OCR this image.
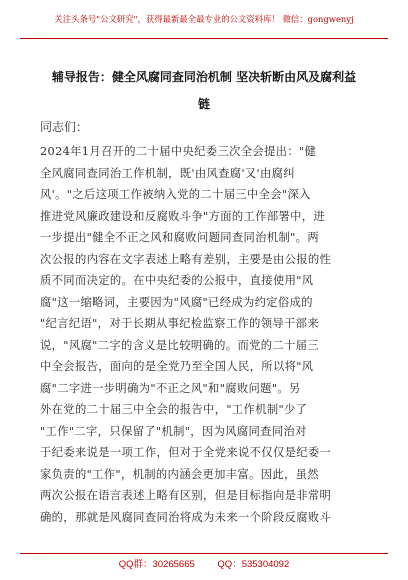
关注头条号"公文研究"，获得最新最全最专业的公文资料库！ 微信：gongwenyj
辅导报告：健全风腐同查同治机制 坚决斩断由风及腐利益
链
同志们：
2024年1月召开的二十届中央纪委三次全会提出："健
全风腐同查同治工作机制，既'由风查腐'又'由腐纠
风'。"之后这项工作被纳入党的二十届三中全会"深入
推进党风廉政建设和反腐败斗争"方面的工作部署中，进
一步提出"健全不正之风和腐败问题同查同治机制"。两
次公报的内容在文字表述上略有差别，主要是由公报的性
质不同而决定的。在中央纪委的公报中，直接使用"风
腐"这一缩略词，主要因为"风腐"已经成为约定俗成的
"纪言纪语"，对于长期从事纪检监察工作的领导干部来
说，"风腐"二字的含义是比较明确的。而党的二十届三
中全会报告，面向的是全党乃至全国人民，所以将"风
腐"二字进一步明确为"不正之风"和"腐败问题"。另
外在党的二十届三中全会的报告中，"工作机制"少了
"工作"二字，只保留了"机制"，因为风腐同查同治对
于纪委来说是一项工作，但对于全党来说不仅仅是纪委一
家负责的"工作"，机制的内涵会更加丰富。因此，虽然
两次公报在语言表述上略有区别，但是目标指向是非常明
确的，那就是风腐同查同治将成为未来一个阶段反腐败斗
QQ群：30265665 QQ：535304092
